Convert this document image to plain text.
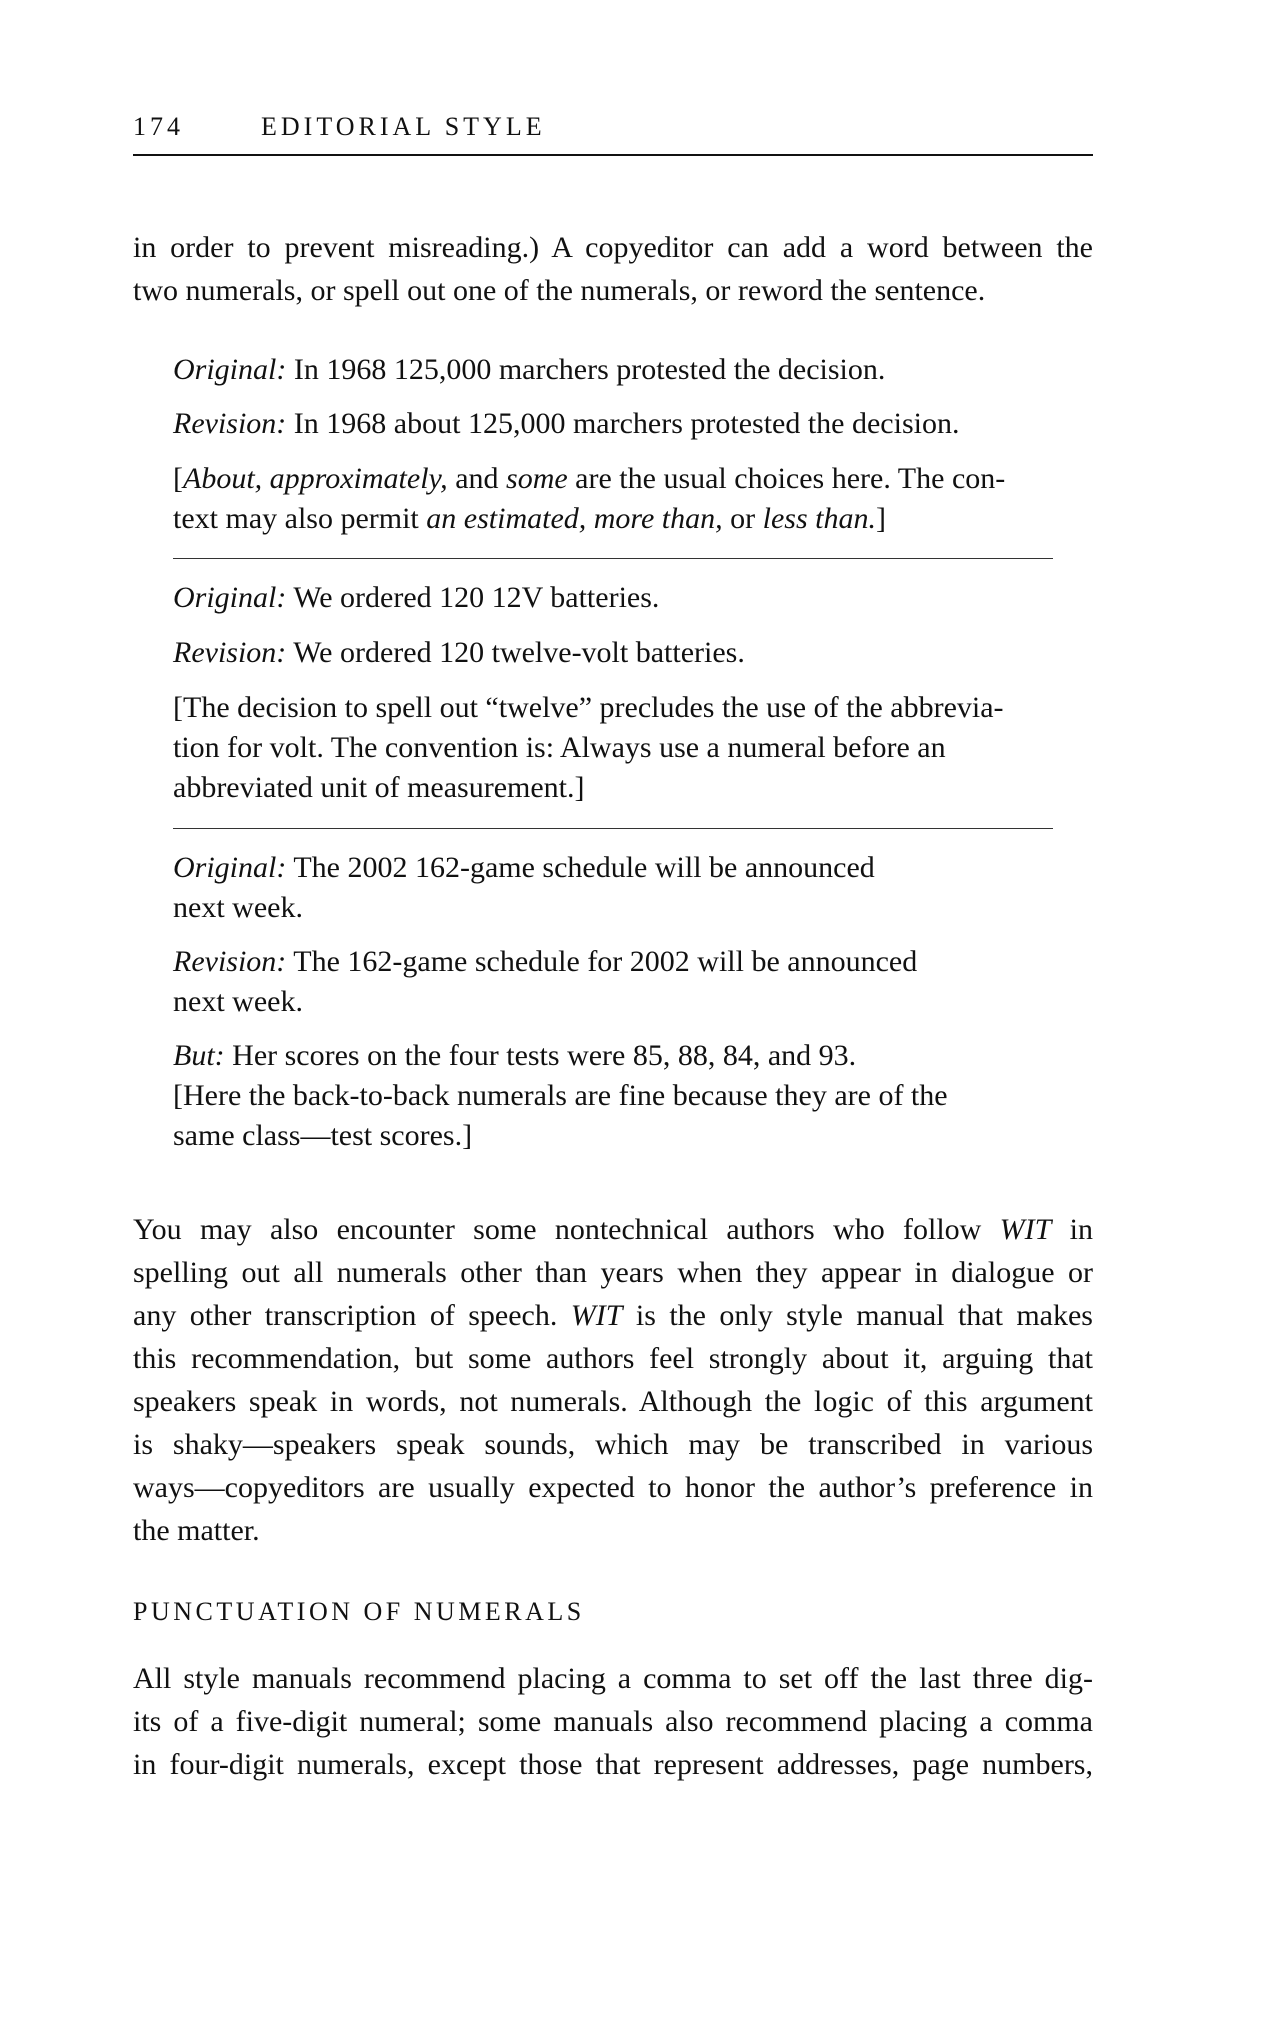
174	EDITORIAL STYLE
in order to prevent misreading.) A copyeditor can add a word between the
two numerals, or spell out one of the numerals, or reword the sentence.
Original: In 1968 125,000 marchers protested the decision.
Revision: In 1968 about 125,000 marchers protested the decision.
[About, approximately, and some are the usual choices here. The con-
text may also permit an estimated, more than, or less than.]
Original: We ordered 120 12V batteries.
Revision: We ordered 120 twelve-volt batteries.
[The decision to spell out “twelve” precludes the use of the abbrevia-
tion for volt. The convention is: Always use a numeral before an
abbreviated unit of measurement.]
Original: The 2002 162-game schedule will be announced
next week.
Revision: The 162-game schedule for 2002 will be announced
next week.
But: Her scores on the four tests were 85, 88, 84, and 93.
[Here the back-to-back numerals are fine because they are of the
same class—test scores.]
You may also encounter some nontechnical authors who follow WIT in
spelling out all numerals other than years when they appear in dialogue or
any other transcription of speech. WIT is the only style manual that makes
this recommendation, but some authors feel strongly about it, arguing that
speakers speak in words, not numerals. Although the logic of this argument
is shaky—speakers speak sounds, which may be transcribed in various
ways—copyeditors are usually expected to honor the author’s preference in
the matter.
PUNCTUATION OF NUMERALS
All style manuals recommend placing a comma to set off the last three dig-
its of a five-digit numeral; some manuals also recommend placing a comma
in four-digit numerals, except those that represent addresses, page numbers,
